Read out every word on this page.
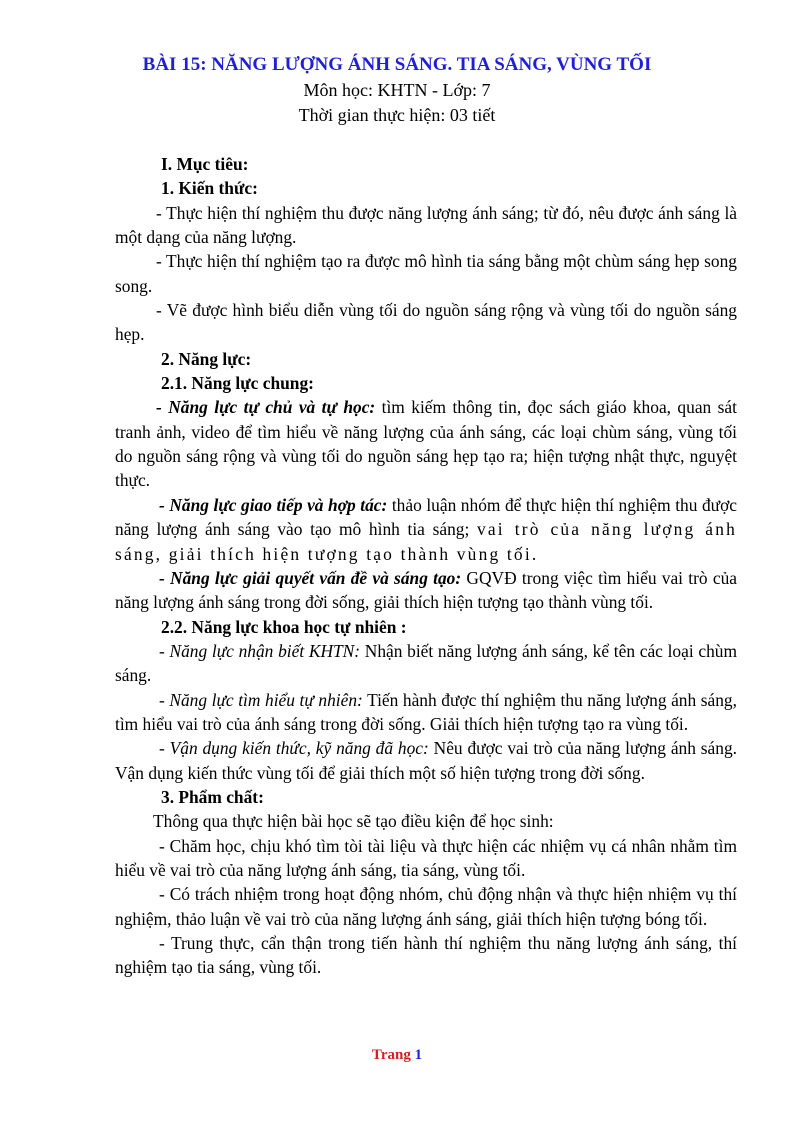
BÀI 15: NĂNG LƯỢNG ÁNH SÁNG. TIA SÁNG, VÙNG TỐI
Môn học: KHTN - Lớp: 7
Thời gian thực hiện: 03 tiết

I. Mục tiêu:

1. Kiến thức:

- Thực hiện thí nghiệm thu được năng lượng ánh sáng; từ đó, nêu được ánh sáng là một dạng của năng lượng.

- Thực hiện thí nghiệm tạo ra được mô hình tia sáng bằng một chùm sáng hẹp song song.

- Vẽ được hình biểu diễn vùng tối do nguồn sáng rộng và vùng tối do nguồn sáng hẹp.

2. Năng lực:

2.1. Năng lực chung:

- Năng lực tự chủ và tự học: tìm kiếm thông tin, đọc sách giáo khoa, quan sát tranh ảnh, video để tìm hiểu về năng lượng của ánh sáng, các loại chùm sáng, vùng tối do nguồn sáng rộng và vùng tối do nguồn sáng hẹp tạo ra; hiện tượng nhật thực, nguyệt thực.

- Năng lực giao tiếp và hợp tác: thảo luận nhóm để thực hiện thí nghiệm thu được năng lượng ánh sáng vào tạo mô hình tia sáng; vai trò của năng lượng ánh sáng, giải thích hiện tượng tạo thành vùng tối.

- Năng lực giải quyết vấn đề và sáng tạo: GQVĐ trong việc tìm hiểu vai trò của năng lượng ánh sáng trong đời sống, giải thích hiện tượng tạo thành vùng tối.

2.2. Năng lực khoa học tự nhiên :

- Năng lực nhận biết KHTN: Nhận biết năng lượng ánh sáng, kể tên các loại chùm sáng.

- Năng lực tìm hiểu tự nhiên: Tiến hành được thí nghiệm thu năng lượng ánh sáng, tìm hiểu vai trò của ánh sáng trong đời sống. Giải thích hiện tượng tạo ra vùng tối.

- Vận dụng kiến thức, kỹ năng đã học: Nêu được vai trò của năng lượng ánh sáng. Vận dụng kiến thức vùng tối để giải thích một số hiện tượng trong đời sống.

3. Phẩm chất:

Thông qua thực hiện bài học sẽ tạo điều kiện để học sinh:

- Chăm học, chịu khó tìm tòi tài liệu và thực hiện các nhiệm vụ cá nhân nhằm tìm hiểu về vai trò của năng lượng ánh sáng, tia sáng, vùng tối.

- Có trách nhiệm trong hoạt động nhóm, chủ động nhận và thực hiện nhiệm vụ thí nghiệm, thảo luận về vai trò của năng lượng ánh sáng, giải thích hiện tượng bóng tối.

- Trung thực, cẩn thận trong tiến hành thí nghiệm thu năng lượng ánh sáng, thí nghiệm tạo tia sáng, vùng tối.

Trang 1
